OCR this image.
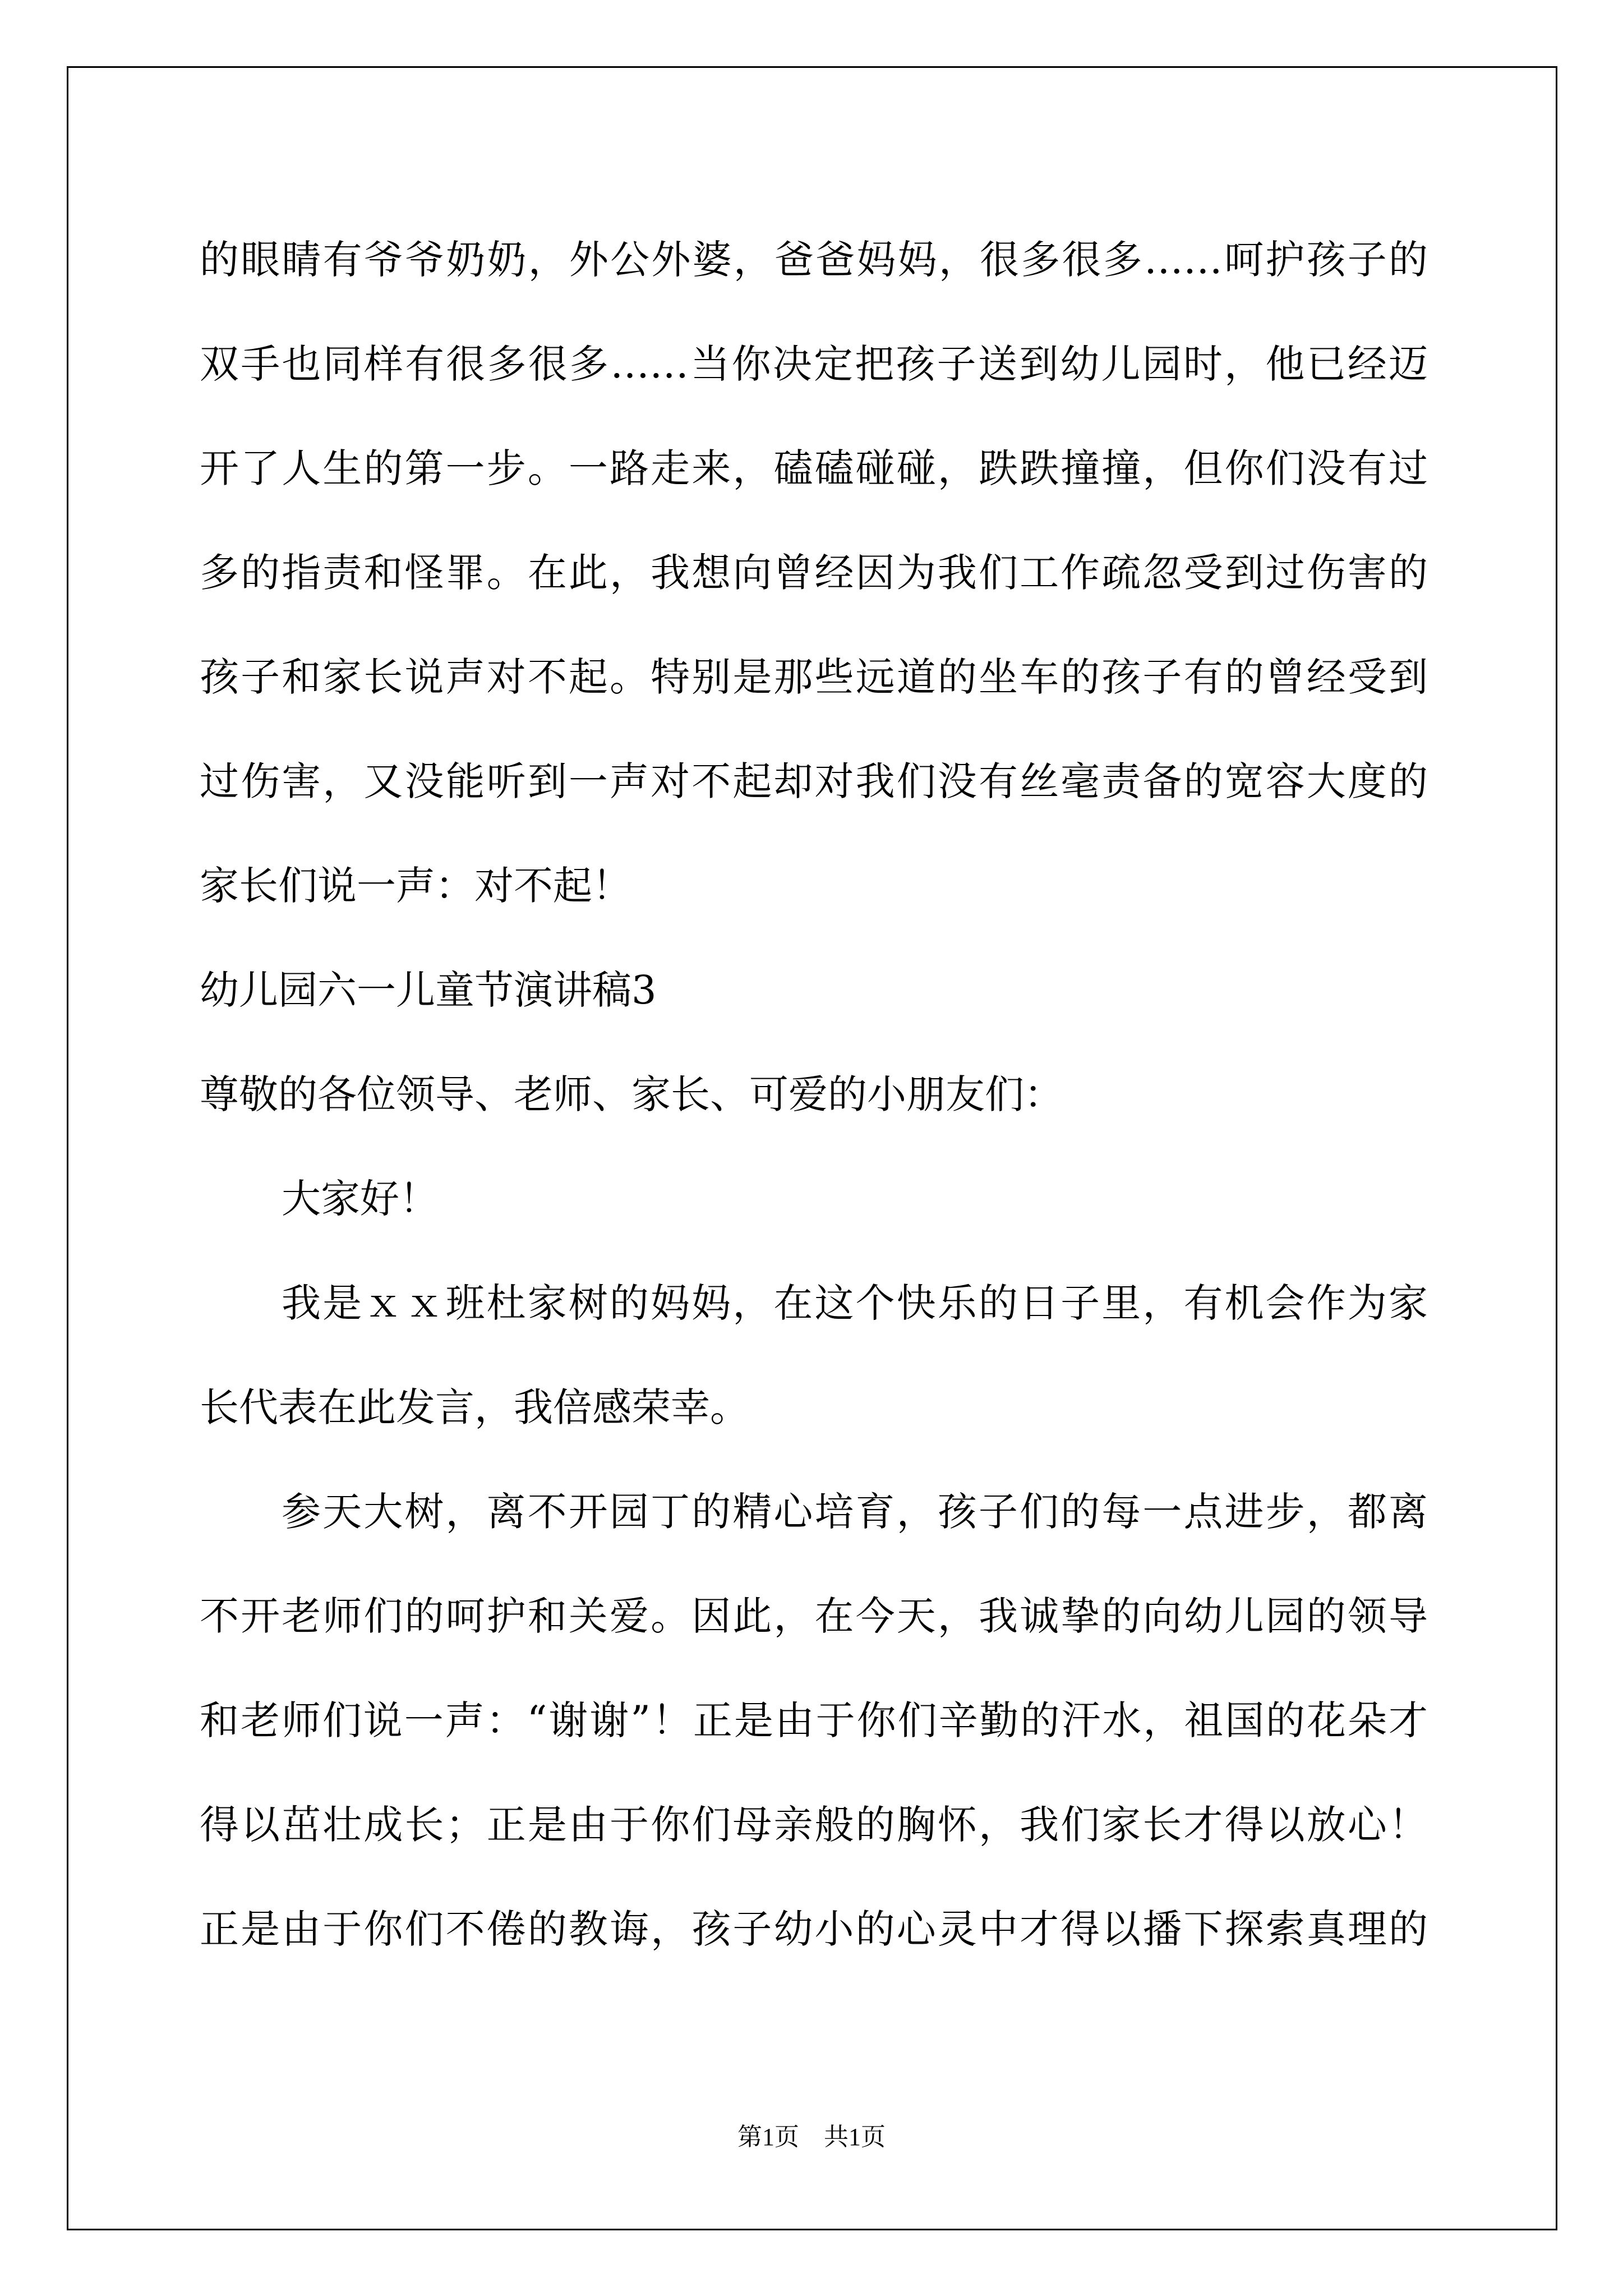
的眼睛有爷爷奶奶，外公外婆，爸爸妈妈，很多很多……呵护孩子的
双手也同样有很多很多……当你决定把孩子送到幼儿园时，他已经迈
开了人生的第一步。一路走来，磕磕碰碰，跌跌撞撞，但你们没有过
多的指责和怪罪。在此，我想向曾经因为我们工作疏忽受到过伤害的
孩子和家长说声对不起。特别是那些远道的坐车的孩子有的曾经受到
过伤害，又没能听到一声对不起却对我们没有丝毫责备的宽容大度的
家长们说一声：对不起！
幼儿园六一儿童节演讲稿3
尊敬的各位领导、老师、家长、可爱的小朋友们：
大家好！
我是ｘｘ班杜家树的妈妈，在这个快乐的日子里，有机会作为家
长代表在此发言，我倍感荣幸。
参天大树，离不开园丁的精心培育，孩子们的每一点进步，都离
不开老师们的呵护和关爱。因此，在今天，我诚挚的向幼儿园的领导
和老师们说一声：“谢谢”！正是由于你们辛勤的汗水，祖国的花朵才
得以茁壮成长；正是由于你们母亲般的胸怀，我们家长才得以放心！
正是由于你们不倦的教诲，孩子幼小的心灵中才得以播下探索真理的
第1页　共1页
